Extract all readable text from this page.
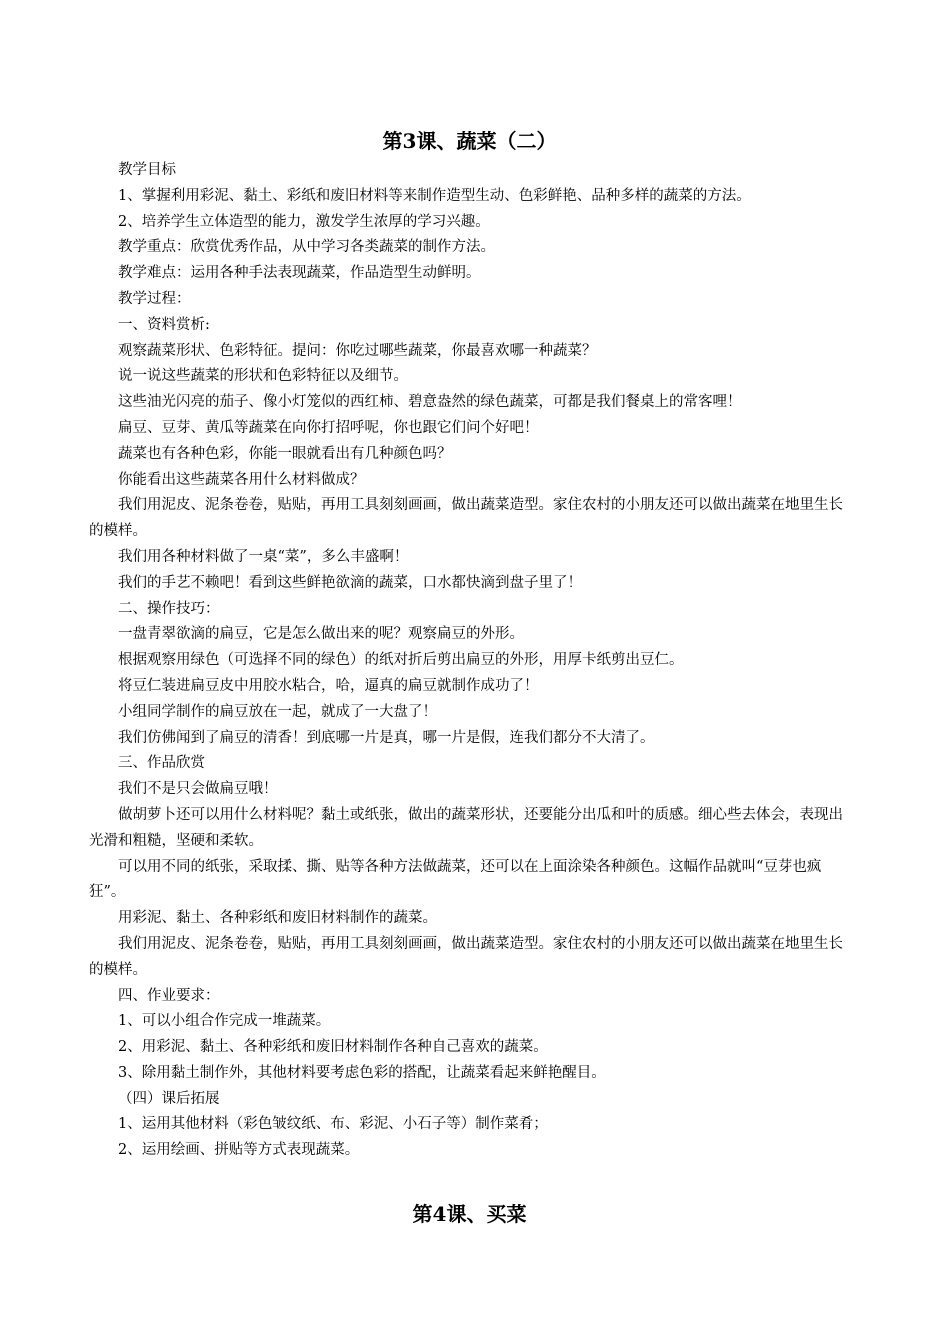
第3课、蔬菜（二）

教学目标

1、掌握利用彩泥、黏土、彩纸和废旧材料等来制作造型生动、色彩鲜艳、品种多样的蔬菜的方法。

2、培养学生立体造型的能力，激发学生浓厚的学习兴趣。

教学重点：欣赏优秀作品，从中学习各类蔬菜的制作方法。

教学难点：运用各种手法表现蔬菜，作品造型生动鲜明。

教学过程：

一、资料赏析:

观察蔬菜形状、色彩特征。提问：你吃过哪些蔬菜，你最喜欢哪一种蔬菜？

说一说这些蔬菜的形状和色彩特征以及细节。

这些油光闪亮的茄子、像小灯笼似的西红柿、碧意盎然的绿色蔬菜，可都是我们餐桌上的常客哩！

扁豆、豆芽、黄瓜等蔬菜在向你打招呼呢，你也跟它们问个好吧！

蔬菜也有各种色彩，你能一眼就看出有几种颜色吗？

你能看出这些蔬菜各用什么材料做成？

我们用泥皮、泥条卷卷，贴贴，再用工具刻刻画画，做出蔬菜造型。家住农村的小朋友还可以做出蔬菜在地里生长的模样。

我们用各种材料做了一桌“菜”，多么丰盛啊！

我们的手艺不赖吧！看到这些鲜艳欲滴的蔬菜，口水都快滴到盘子里了！

二、操作技巧：

一盘青翠欲滴的扁豆，它是怎么做出来的呢？观察扁豆的外形。

根据观察用绿色（可选择不同的绿色）的纸对折后剪出扁豆的外形，用厚卡纸剪出豆仁。

将豆仁装进扁豆皮中用胶水粘合，哈，逼真的扁豆就制作成功了！

小组同学制作的扁豆放在一起，就成了一大盘了！

我们仿佛闻到了扁豆的清香！到底哪一片是真，哪一片是假，连我们都分不大清了。

三、作品欣赏

我们不是只会做扁豆哦！

做胡萝卜还可以用什么材料呢？黏土或纸张，做出的蔬菜形状，还要能分出瓜和叶的质感。细心些去体会，表现出光滑和粗糙，坚硬和柔软。

可以用不同的纸张，采取揉、撕、贴等各种方法做蔬菜，还可以在上面涂染各种颜色。这幅作品就叫“豆芽也疯狂”。

用彩泥、黏土、各种彩纸和废旧材料制作的蔬菜。

我们用泥皮、泥条卷卷，贴贴，再用工具刻刻画画，做出蔬菜造型。家住农村的小朋友还可以做出蔬菜在地里生长的模样。

四、作业要求：

1、可以小组合作完成一堆蔬菜。

2、用彩泥、黏土、各种彩纸和废旧材料制作各种自己喜欢的蔬菜。

3、除用黏土制作外，其他材料要考虑色彩的搭配，让蔬菜看起来鲜艳醒目。

（四）课后拓展

1、运用其他材料（彩色皱纹纸、布、彩泥、小石子等）制作菜肴；

2、运用绘画、拼贴等方式表现蔬菜。

第4课、买菜
